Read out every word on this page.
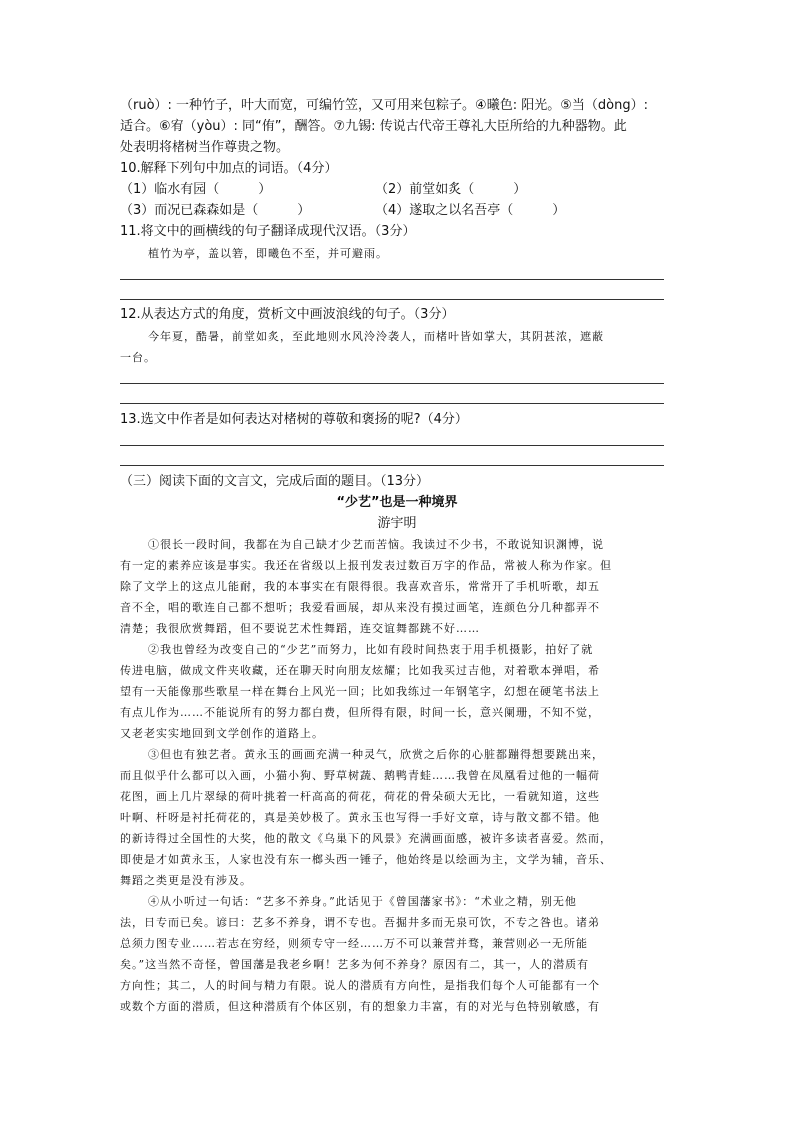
（ruò）: 一种竹子，叶大而宽，可编竹笠，又可用来包粽子。④曦色: 阳光。⑤当（dòng）:
适合。⑥宥（yòu）: 同“侑”，酬答。⑦九锡: 传说古代帝王尊礼大臣所给的九种器物。此
处表明将楮树当作尊贵之物。
10.解释下列句中加点的词语。（4分）
（1）临水有园（　　　）	（2）前堂如炙（　　　）
（3）而况已森森如是（　　　）	（4）遂取之以名吾亭（　　　）
11.将文中的画横线的句子翻译成现代汉语。（3分）
植竹为亭，盖以箬，即曦色不至，并可避雨。
12.从表达方式的角度，赏析文中画波浪线的句子。（3分）
今年夏，酷暑，前堂如炙，至此地则水风泠泠袭人，而楮叶皆如掌大，其阴甚浓，遮蔽
一台。
13.选文中作者是如何表达对楮树的尊敬和褒扬的呢?（4分）
（三）阅读下面的文言文，完成后面的题目。（13分）
“少艺”也是一种境界
游宇明
①很长一段时间，我都在为自己缺才少艺而苦恼。我读过不少书，不敢说知识渊博，说
有一定的素养应该是事实。我还在省级以上报刊发表过数百万字的作品，常被人称为作家。但
除了文学上的这点儿能耐，我的本事实在有限得很。我喜欢音乐，常常开了手机听歌，却五
音不全，唱的歌连自己都不想听；我爱看画展，却从来没有摸过画笔，连颜色分几种都弄不
清楚；我很欣赏舞蹈，但不要说艺术性舞蹈，连交谊舞都跳不好……
②我也曾经为改变自己的“少艺”而努力，比如有段时间热衷于用手机摄影，拍好了就
传进电脑，做成文件夹收藏，还在聊天时向朋友炫耀；比如我买过吉他，对着歌本弹唱，希
望有一天能像那些歌星一样在舞台上风光一回；比如我练过一年钢笔字，幻想在硬笔书法上
有点儿作为……不能说所有的努力都白费，但所得有限，时间一长，意兴阑珊，不知不觉，
又老老实实地回到文学创作的道路上。
③但也有独艺者。黄永玉的画画充满一种灵气，欣赏之后你的心脏都蹦得想要跳出来，
而且似乎什么都可以入画，小猫小狗、野草树蔬、鹅鸭青蛙……我曾在凤凰看过他的一幅荷
花图，画上几片翠绿的荷叶挑着一杆高高的荷花，荷花的骨朵硕大无比，一看就知道，这些
叶啊、杆呀是衬托荷花的，真是美妙极了。黄永玉也写得一手好文章，诗与散文都不错。他
的新诗得过全国性的大奖，他的散文《乌巢下的风景》充满画面感，被许多读者喜爱。然而，
即使是才如黄永玉，人家也没有东一榔头西一锤子，他始终是以绘画为主，文学为辅，音乐、
舞蹈之类更是没有涉及。
④从小听过一句话：“艺多不养身。”此话见于《曾国藩家书》：“术业之精，别无他
法，日专而已矣。谚曰：艺多不养身，谓不专也。吾掘井多而无泉可饮，不专之咎也。诸弟
总须力图专业……若志在穷经，则须专守一经……万不可以兼营并骛，兼营则必一无所能
矣。”这当然不奇怪，曾国藩是我老乡啊！艺多为何不养身？原因有二，其一，人的潜质有
方向性；其二，人的时间与精力有限。说人的潜质有方向性，是指我们每个人可能都有一个
或数个方面的潜质，但这种潜质有个体区别，有的想象力丰富，有的对光与色特别敏感，有
